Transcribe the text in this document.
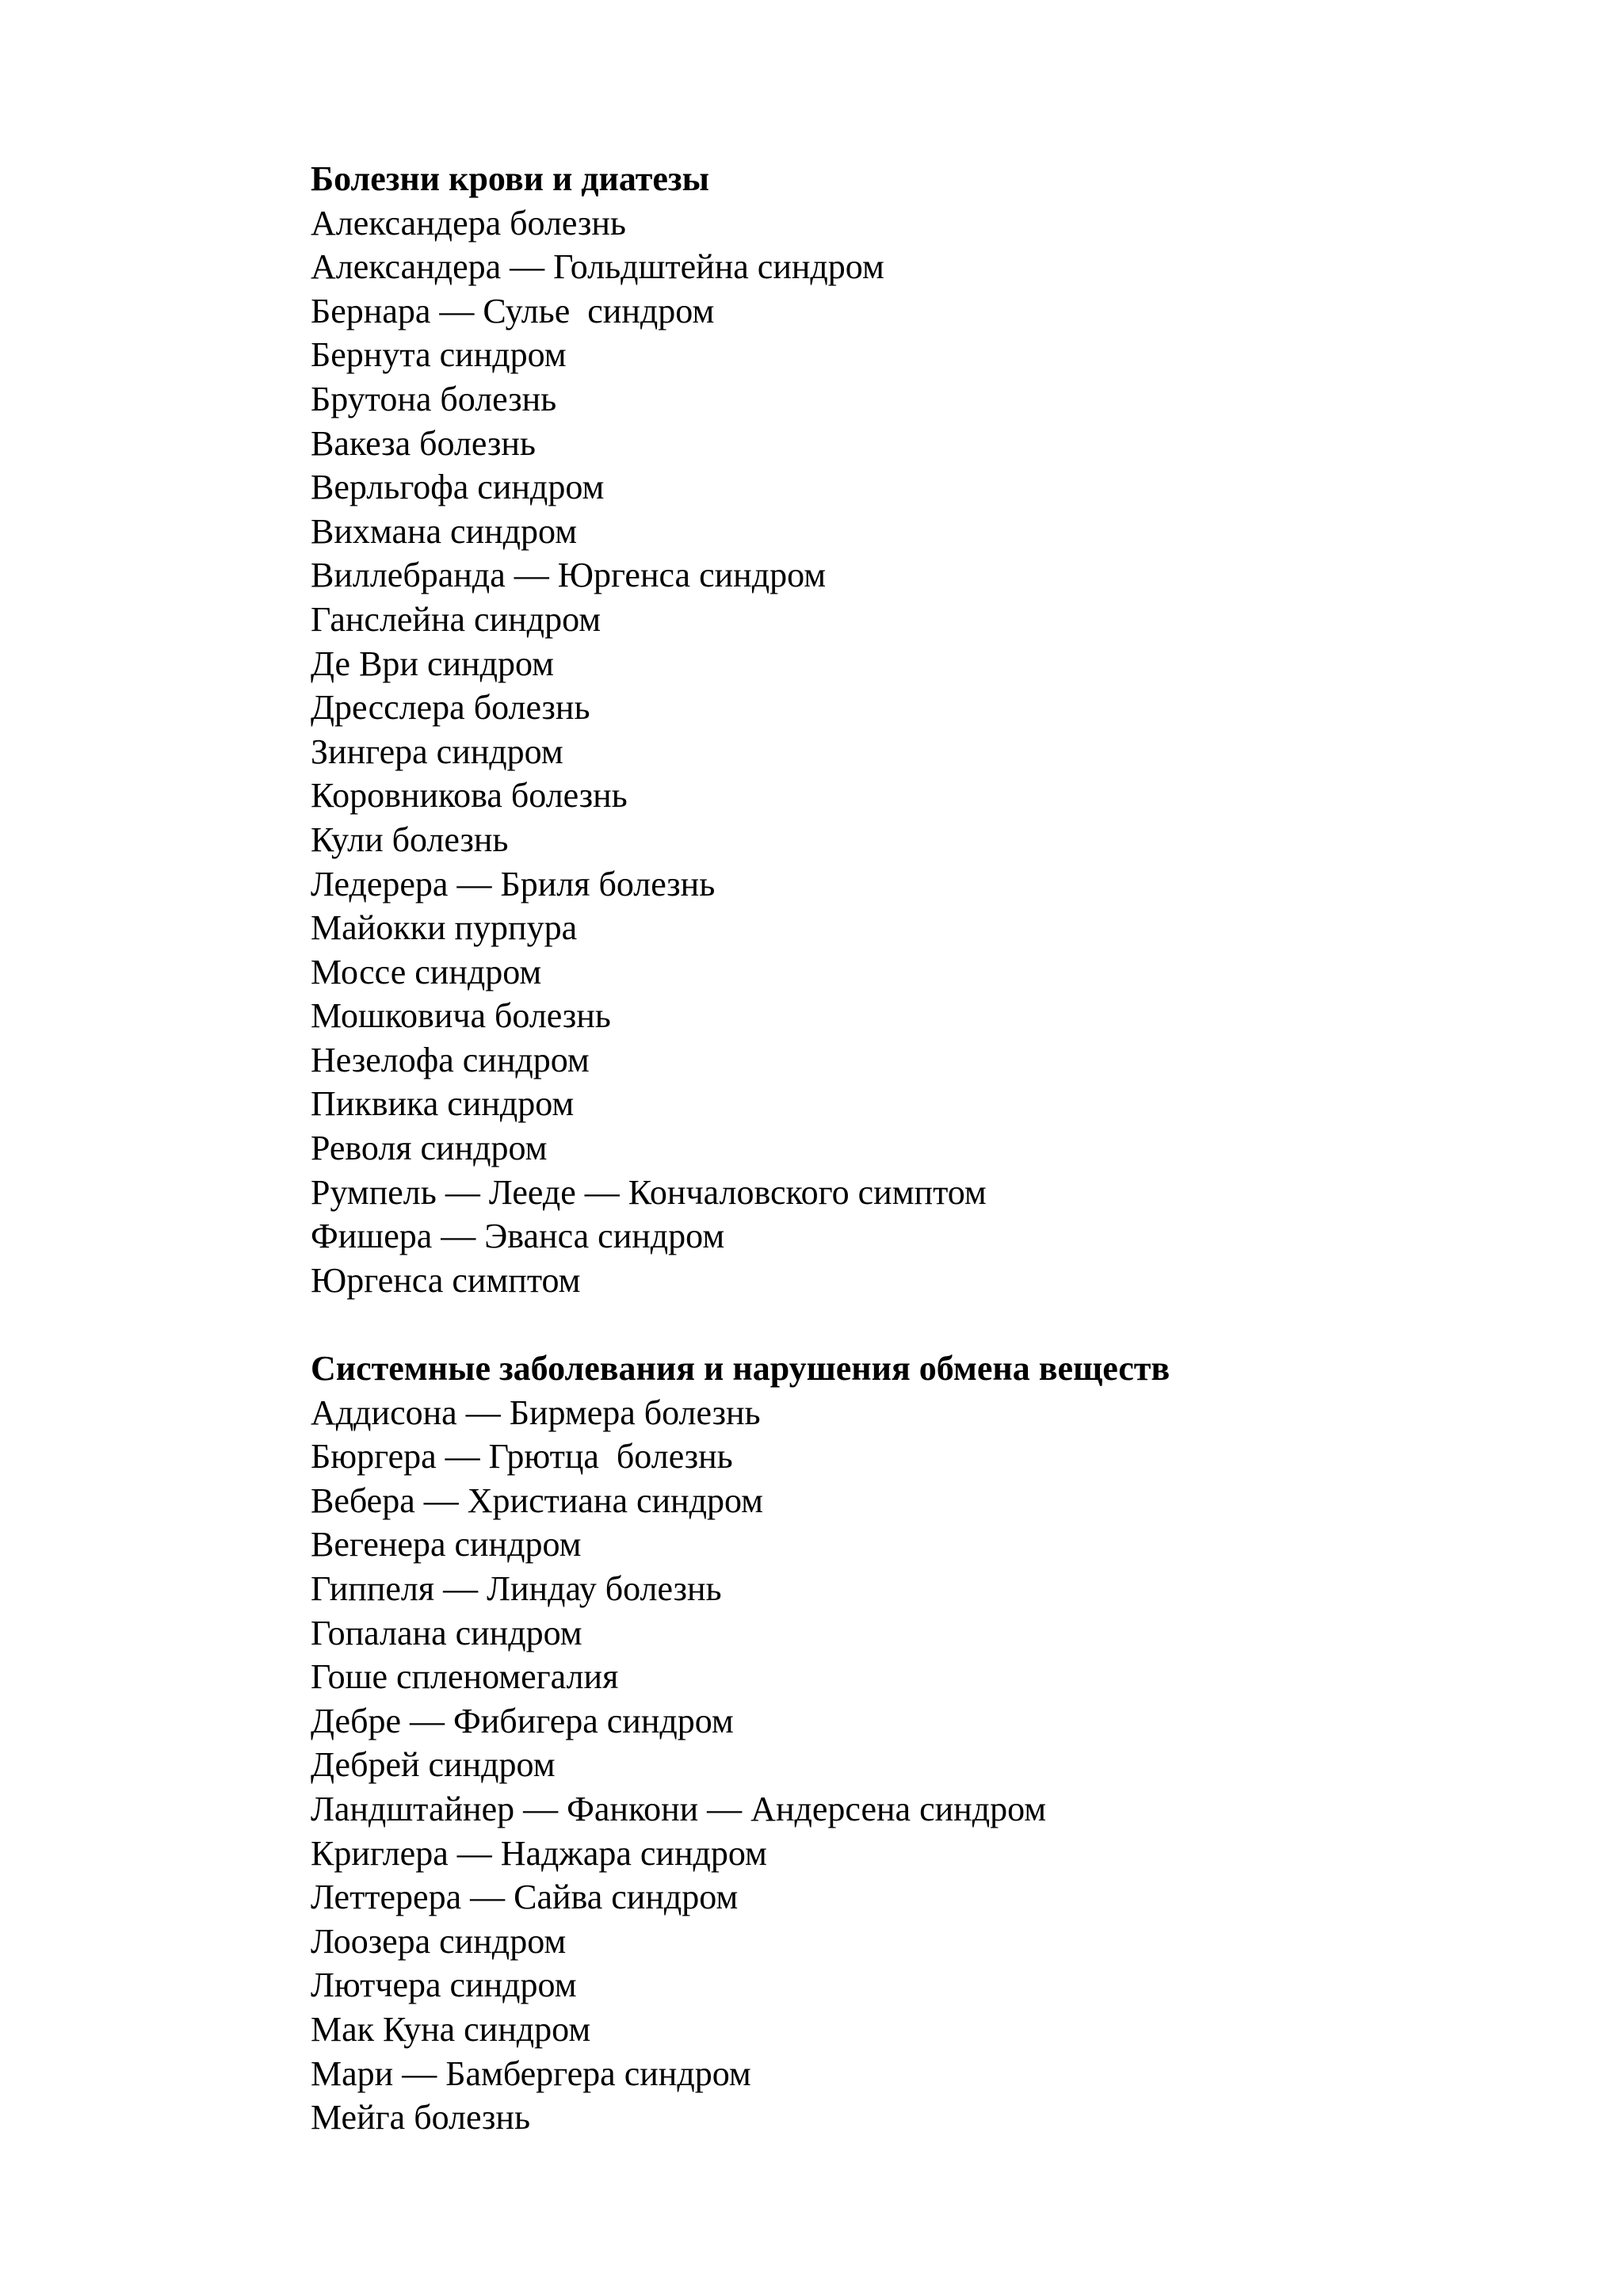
Болезни крови и диатезы

Александера болезнь
Александера — Гольдштейна синдром
Бернара — Сулье  синдром
Бернута синдром
Брутона болезнь
Вакеза болезнь
Верльгофа синдром
Вихмана синдром
Виллебранда — Юргенса синдром
Ганслейна синдром
Де Ври синдром
Дресслера болезнь
Зингера синдром
Коровникова болезнь
Кули болезнь
Ледерера — Бриля болезнь
Майокки пурпура
Моссе синдром
Мошковича болезнь
Незелофа синдром
Пиквика синдром
Револя синдром
Румпель — Лееде — Кончаловского симптом
Фишера — Эванса синдром
Юргенса симптом

Системные заболевания и нарушения обмена веществ

Аддисона — Бирмера болезнь
Бюргера — Грютца  болезнь
Вебера — Христиана синдром
Вегенера синдром
Гиппеля — Линдау болезнь
Гопалана синдром
Гоше спленомегалия
Дебре — Фибигера синдром
Дебрей синдром
Ландштайнер — Фанкони — Андерсена синдром
Криглера — Наджара синдром
Леттерера — Сайва синдром
Лоозера синдром
Лютчера синдром
Мак Куна синдром
Мари — Бамбергера синдром
Мейга болезнь
